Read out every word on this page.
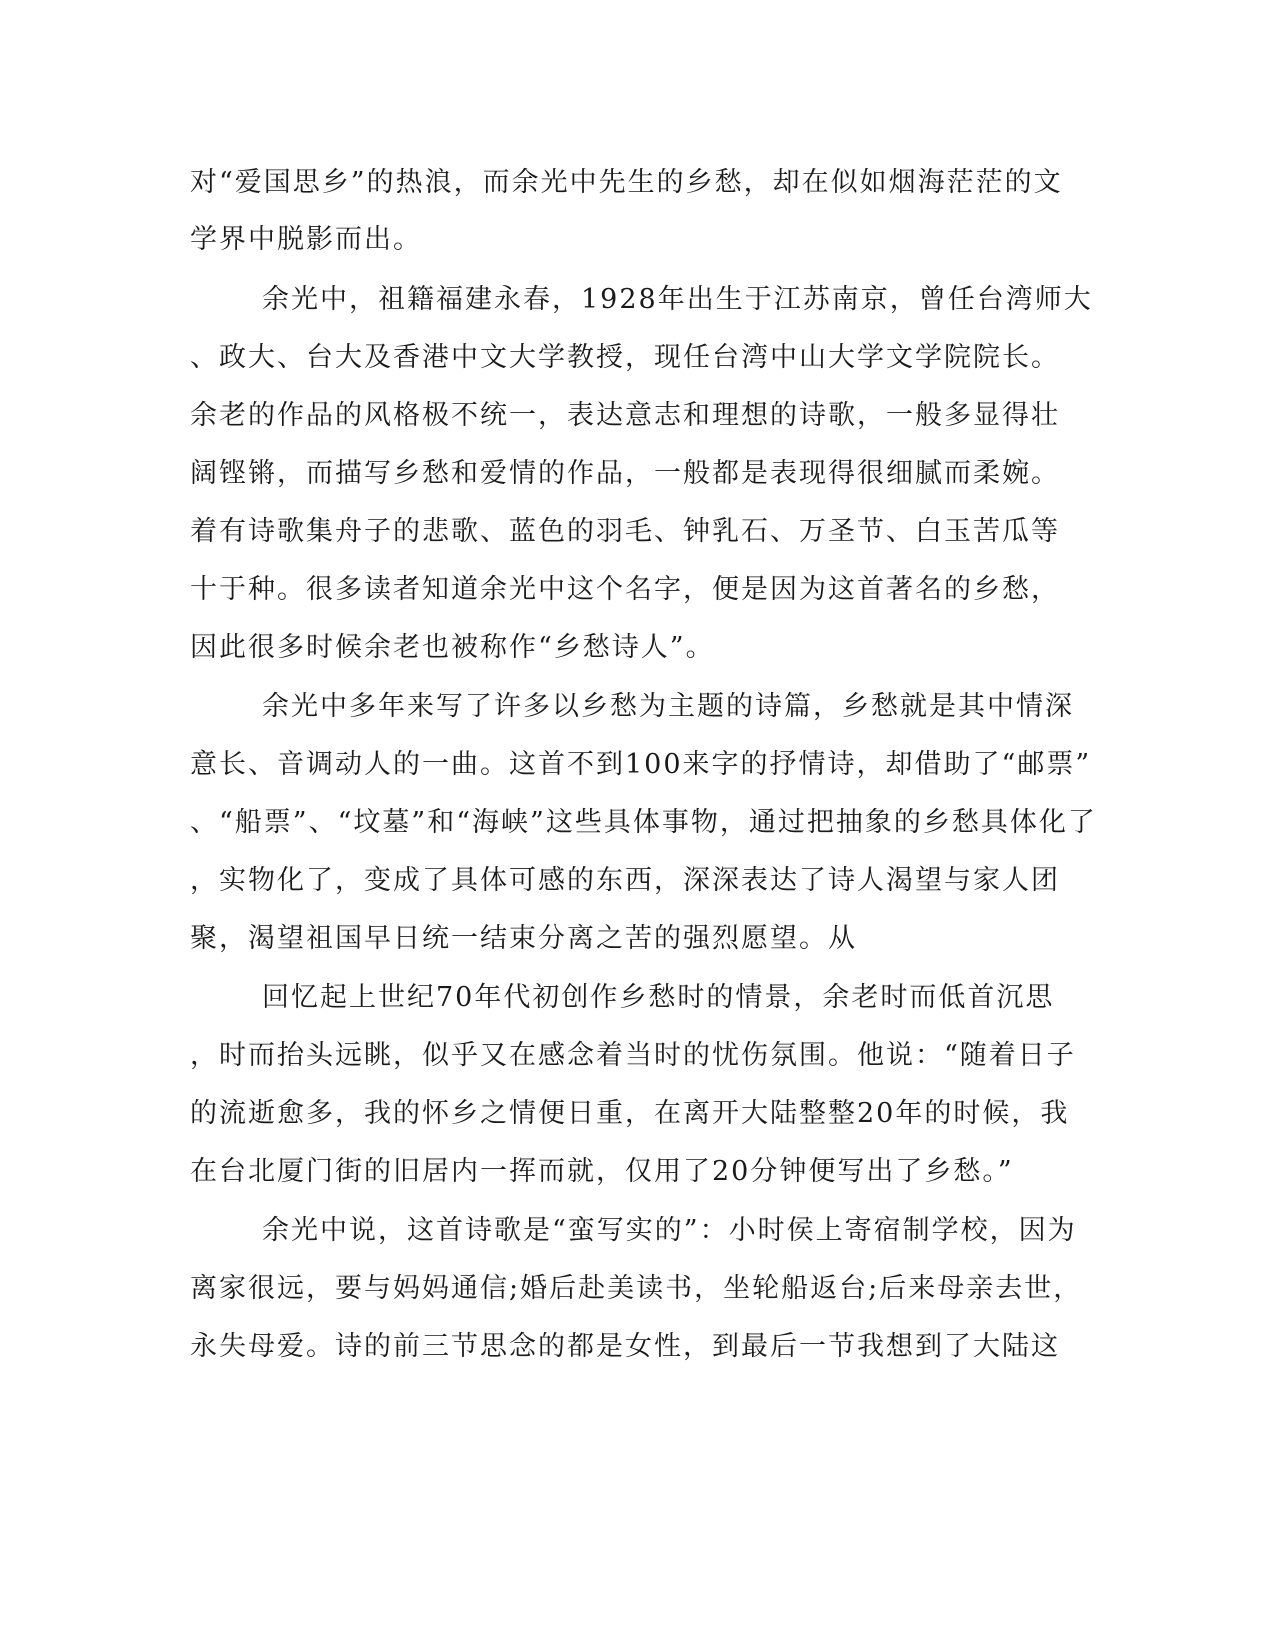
对“爱国思乡”的热浪，而余光中先生的乡愁，却在似如烟海茫茫的文
学界中脱影而出。
余光中，祖籍福建永春，1928年出生于江苏南京，曾任台湾师大
、政大、台大及香港中文大学教授，现任台湾中山大学文学院院长。
余老的作品的风格极不统一，表达意志和理想的诗歌，一般多显得壮
阔铿锵，而描写乡愁和爱情的作品，一般都是表现得很细腻而柔婉。
着有诗歌集舟子的悲歌、蓝色的羽毛、钟乳石、万圣节、白玉苦瓜等
十于种。很多读者知道余光中这个名字，便是因为这首著名的乡愁，
因此很多时候余老也被称作“乡愁诗人”。
余光中多年来写了许多以乡愁为主题的诗篇，乡愁就是其中情深
意长、音调动人的一曲。这首不到100来字的抒情诗，却借助了“邮票”
、“船票”、“坟墓”和“海峡”这些具体事物，通过把抽象的乡愁具体化了
，实物化了，变成了具体可感的东西，深深表达了诗人渴望与家人团
聚，渴望祖国早日统一结束分离之苦的强烈愿望。从
回忆起上世纪70年代初创作乡愁时的情景，余老时而低首沉思
，时而抬头远眺，似乎又在感念着当时的忧伤氛围。他说：“随着日子
的流逝愈多，我的怀乡之情便日重，在离开大陆整整20年的时候，我
在台北厦门街的旧居内一挥而就，仅用了20分钟便写出了乡愁。”
余光中说，这首诗歌是“蛮写实的”：小时侯上寄宿制学校，因为
离家很远，要与妈妈通信;婚后赴美读书，坐轮船返台;后来母亲去世，
永失母爱。诗的前三节思念的都是女性，到最后一节我想到了大陆这
